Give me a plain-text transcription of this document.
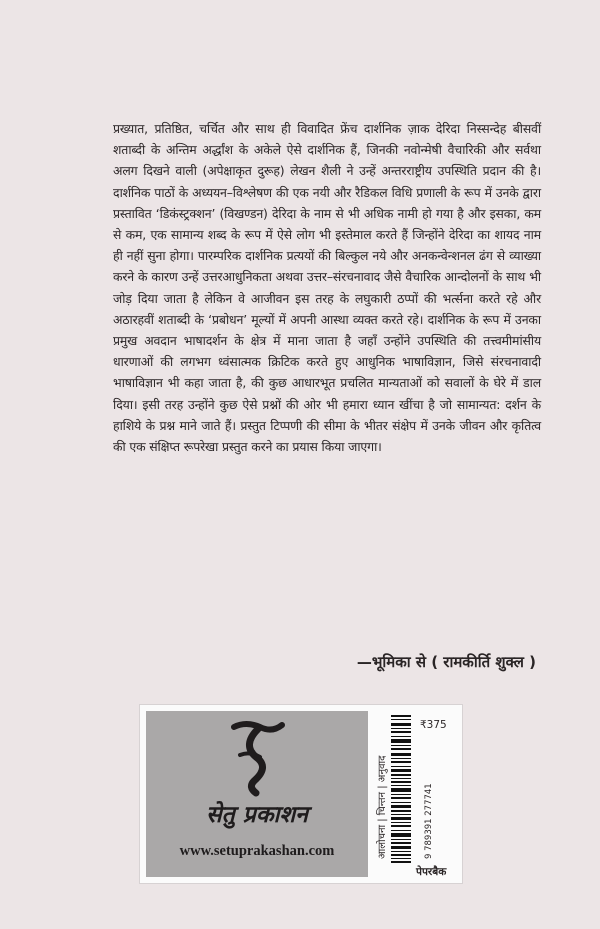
प्रख्यात, प्रतिष्ठित, चर्चित और साथ ही विवादित फ्रेंच दार्शनिक ज़ाक देरिदा निस्सन्देह बीसवीं शताब्दी के अन्तिम अर्द्धांश के अकेले ऐसे दार्शनिक हैं, जिनकी नवोन्मेषी वैचारिकी और सर्वथा अलग दिखने वाली (अपेक्षाकृत दुरूह) लेखन शैली ने उन्हें अन्तरराष्ट्रीय उपस्थिति प्रदान की है। दार्शनिक पाठों के अध्ययन–विश्लेषण की एक नयी और रैडिकल विधि प्रणाली के रूप में उनके द्वारा प्रस्तावित ‘डिकंस्ट्रक्शन’ (विखण्डन) देरिदा के नाम से भी अधिक नामी हो गया है और इसका, कम से कम, एक सामान्य शब्द के रूप में ऐसे लोग भी इस्तेमाल करते हैं जिन्होंने देरिदा का शायद नाम ही नहीं सुना होगा। पारम्परिक दार्शनिक प्रत्ययों की बिल्कुल नये और अनकन्वेन्शनल ढंग से व्याख्या करने के कारण उन्हें उत्तरआधुनिकता अथवा उत्तर–संरचनावाद जैसे वैचारिक आन्दोलनों के साथ भी जोड़ दिया जाता है लेकिन वे आजीवन इस तरह के लघुकारी ठप्पों की भर्त्सना करते रहे और अठारहवीं शताब्दी के ‘प्रबोधन’ मूल्यों में अपनी आस्था व्यक्त करते रहे। दार्शनिक के रूप में उनका प्रमुख अवदान भाषादर्शन के क्षेत्र में माना जाता है जहाँ उन्होंने उपस्थिति की तत्त्वमीमांसीय धारणाओं की लगभग ध्वंसात्मक क्रिटिक करते हुए आधुनिक भाषाविज्ञान, जिसे संरचनावादी भाषाविज्ञान भी कहा जाता है, की कुछ आधारभूत प्रचलित मान्यताओं को सवालों के घेरे में डाल दिया। इसी तरह उन्होंने कुछ ऐसे प्रश्नों की ओर भी हमारा ध्यान खींचा है जो सामान्यत: दर्शन के हाशिये के प्रश्न माने जाते हैं। प्रस्तुत टिप्पणी की सीमा के भीतर संक्षेप में उनके जीवन और कृतित्व की एक संक्षिप्त रूपरेखा प्रस्तुत करने का प्रयास किया जाएगा।

—भूमिका से ( रामकीर्ति शुक्ल )

सेतु प्रकाशन
www.setuprakashan.com	आलोचना | चिन्तन | अनुवाद	9 789391 277741
₹375
पेपरबैक
